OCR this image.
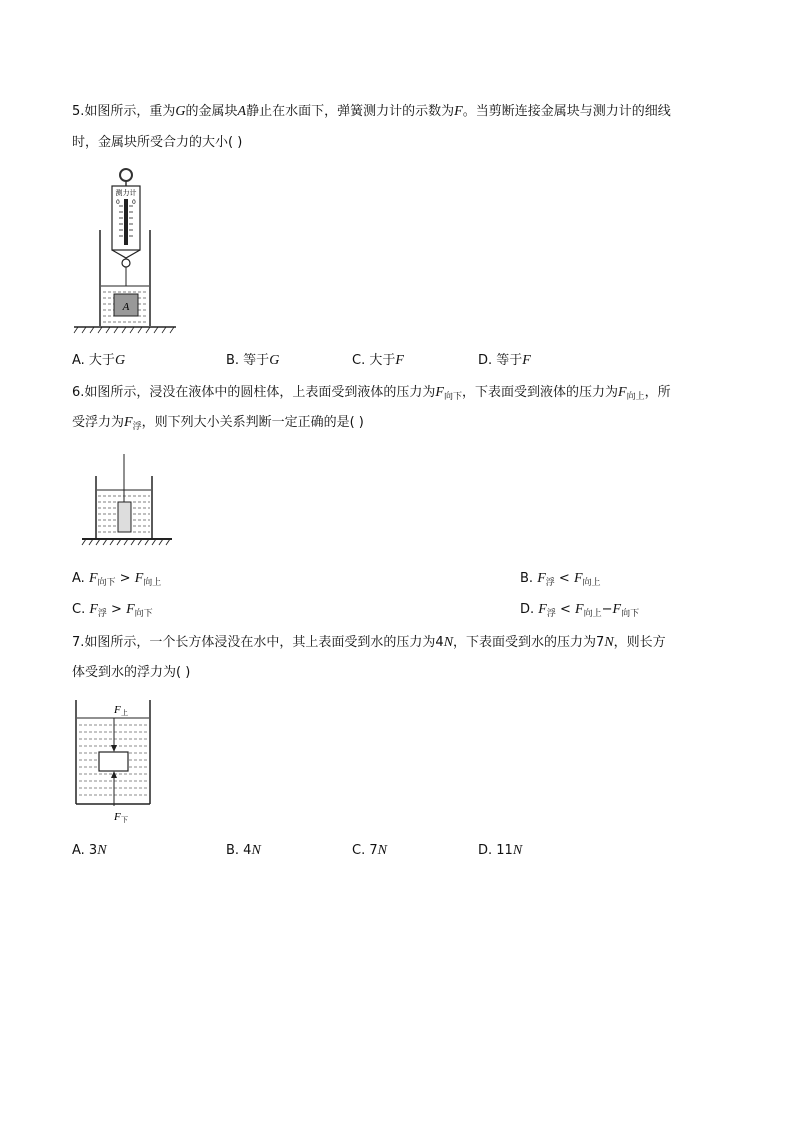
5.如图所示，重为G的金属块A静止在水面下，弹簧测力计的示数为F。当剪断连接金属块与测力计的细线
时，金属块所受合力的大小( )
测力计
0 0
A
A. 大于G	B. 等于G	C. 大于F	D. 等于F
6.如图所示，浸没在液体中的圆柱体，上表面受到液体的压力为$F_{向下}$，下表面受到液体的压力为$F_{向上}$，所
受浮力为$F_浮$，则下列大小关系判断一定正确的是( )
A. $F_{向下} > F_{向上}$	B. $F_浮 < F_{向上}$
C. $F_浮 > F_{向下}$	D. $F_浮 < F_{向上}-F_{向下}$
7.如图所示，一个长方体浸没在水中，其上表面受到水的压力为4N，下表面受到水的压力为7N，则长方
体受到水的浮力为( )
F 上
F 下
A. 3N	B. 4N	C. 7N	D. 11N
